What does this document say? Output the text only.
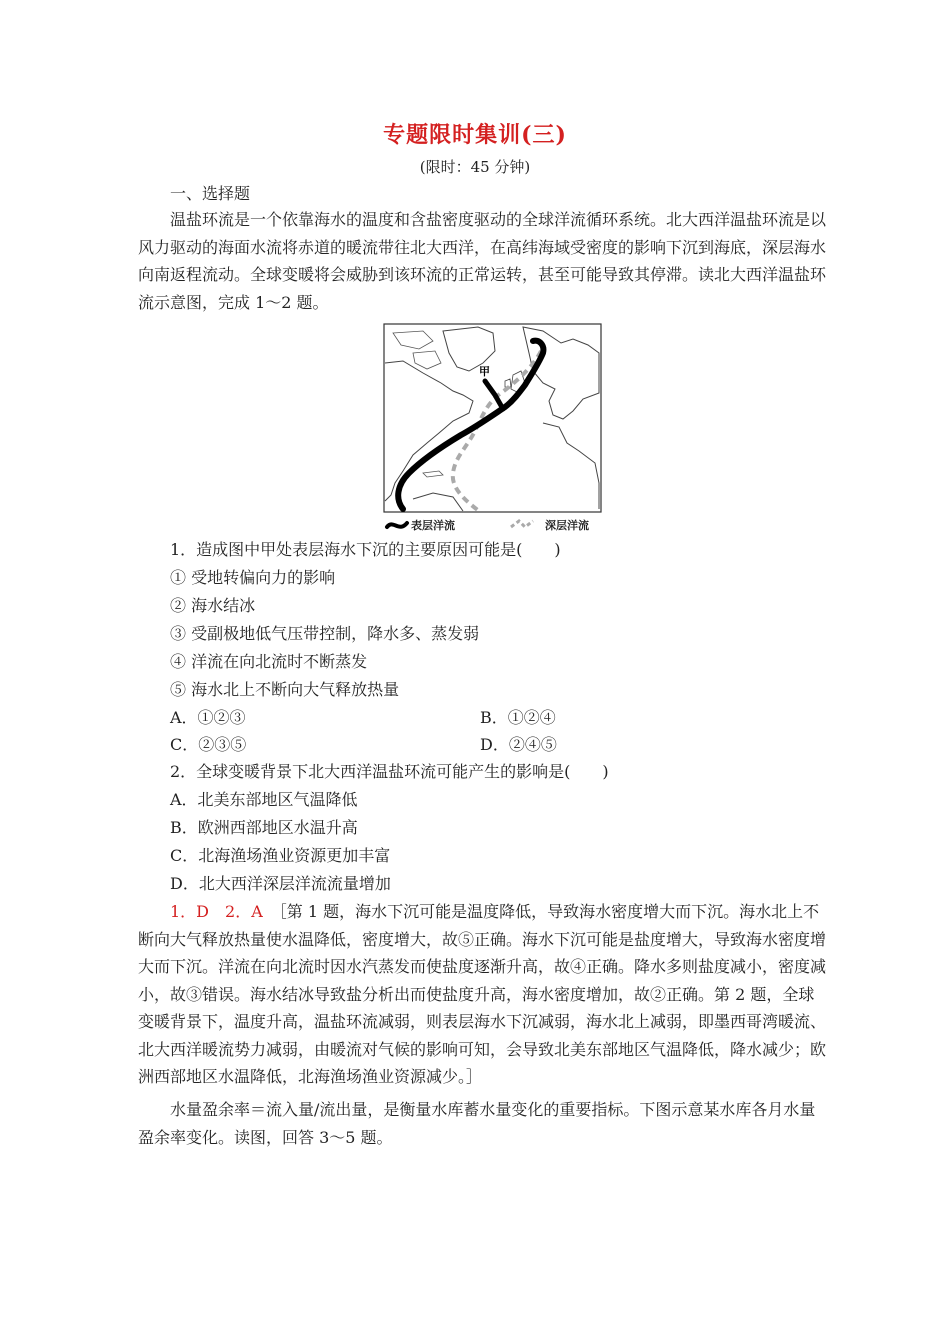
专题限时集训(三)
(限时：45 分钟)
一、选择题
温盐环流是一个依靠海水的温度和含盐密度驱动的全球洋流循环系统。北大西洋温盐环流是以风力驱动的海面水流将赤道的暖流带往北大西洋，在高纬海域受密度的影响下沉到海底，深层海水向南返程流动。全球变暖将会威胁到该环流的正常运转，甚至可能导致其停滞。读北大西洋温盐环流示意图，完成 1～2 题。
甲
表层洋流	深层洋流
1．造成图中甲处表层海水下沉的主要原因可能是(　　)
① 受地转偏向力的影响
② 海水结冰
③ 受副极地低气压带控制，降水多、蒸发弱
④ 洋流在向北流时不断蒸发
⑤ 海水北上不断向大气释放热量
A．①②③	B．①②④
C．②③⑤	D．②④⑤
2．全球变暖背景下北大西洋温盐环流可能产生的影响是(　　)
A．北美东部地区气温降低
B．欧洲西部地区水温升高
C．北海渔场渔业资源更加丰富
D．北大西洋深层洋流流量增加
1．D　2．A　 ［第 1 题，海水下沉可能是温度降低，导致海水密度增大而下沉。海水北上不断向大气释放热量使水温降低，密度增大，故⑤正确。海水下沉可能是盐度增大，导致海水密度增大而下沉。洋流在向北流时因水汽蒸发而使盐度逐渐升高，故④正确。降水多则盐度减小，密度减小，故③错误。海水结冰导致盐分析出而使盐度升高，海水密度增加，故②正确。第 2 题，全球变暖背景下，温度升高，温盐环流减弱，则表层海水下沉减弱，海水北上减弱，即墨西哥湾暖流、北大西洋暖流势力减弱，由暖流对气候的影响可知，会导致北美东部地区气温降低，降水减少；欧洲西部地区水温降低，北海渔场渔业资源减少。］
水量盈余率＝流入量/流出量，是衡量水库蓄水量变化的重要指标。下图示意某水库各月水量盈余率变化。读图，回答 3～5 题。
